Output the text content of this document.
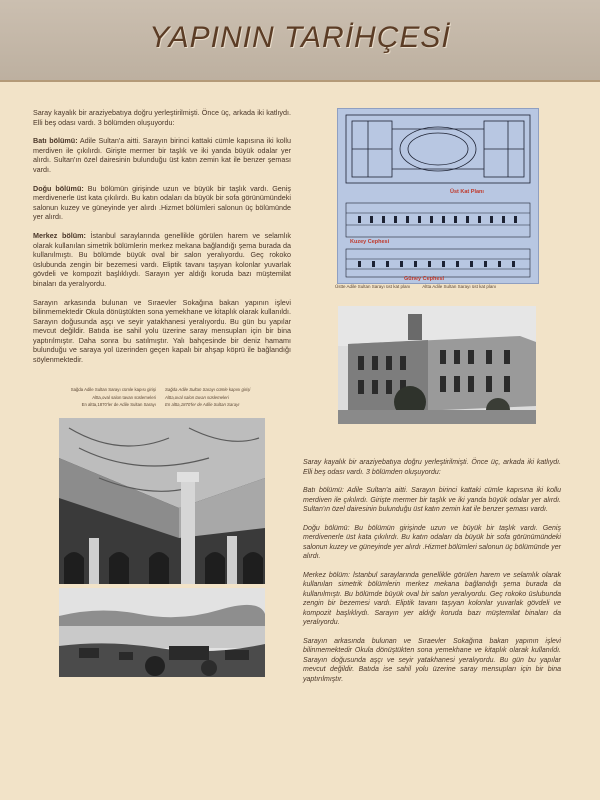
YAPININ TARİHÇESİ

Saray kayalık bir araziyebatıya doğru yerleştirilmişti. Önce üç, arkada iki katlıydı. Elli beş odası vardı. 3 bölümden oluşuyordu:

Batı bölümü: Adile Sultan'a aitti. Sarayın birinci kattaki cümle kapısına iki kollu merdiven ile çıkılırdı. Girişte mermer bir taşlık ve iki yanda büyük odalar yer alırdı. Sultan'ın özel dairesinin bulunduğu üst katın zemin kat ile benzer şeması vardı.

Doğu bölümü: Bu bölümün girişinde uzun ve büyük bir taşlık vardı. Geniş merdivenerle üst kata çıkılırdı. Bu katın odaları da büyük bir sofa görünümündeki salonun kuzey ve güneyinde yer alırdı .Hizmet bölümleri salonun üç bölümünde yer alırdı.

Merkez bölüm: İstanbul saraylarında genellikle görülen harem ve selamlık olarak kullanılan simetrik bölümlerin merkez mekana bağlandığı şema burada da kullanılmıştı. Bu bölümde büyük oval bir salon yeralıyordu. Geç rokoko üslubunda zengin bir bezemesi vardı. Eliptik tavanı taşıyan kolonlar yuvarlak gövdeli ve kompozit başlıklıydı. Sarayın yer aldığı koruda bazı müştemilat binaları da yeralıyordu.

Sarayın arkasında bulunan ve Sıraevler Sokağına bakan yapının işlevi bilinmemektedir Okula dönüştükten sona yemekhane ve kitaplık olarak kullanıldı. Sarayın doğusunda aşçı ve seyir yatakhanesi yeralıyordu. Bu gün bu yapılar mevcut değildir. Batıda ise sahil yolu üzerine saray mensupları için bir bina yaptırılmıştır. Daha sonra bu satılmıştır. Yalı bahçesinde bir deniz hamamı bulunduğu ve saraya yol üzerinden geçen kapalı bir ahşap köprü ile bağlandığı söylenmektedir.

Üst Kat Planı
Kuzey Cephesi
Güney Cephesi
Üstte Adile Sultan Sarayı üst kat planı	Altta Adile Sultan Sarayı üst kat planı
Sağda Adile Sultan Sarayı cümle kapısı girişi
Altta,oval salon tavan süslemeleri
En altta,1870'ler de Adile Sultan Sarayı
Sağda Adile Sultan Sarayı cümle kapısı girişi
Altta,oval salon tavan süslemeleri
En altta,1870'ler de Adile Sultan Sarayı

Saray kayalık bir araziyebatıya doğru yerleştirilmişti. Önce üç, arkada iki katlıydı. Elli beş odası vardı. 3 bölümden oluşuyordu:

Batı bölümü: Adile Sultan'a aitti. Sarayın birinci kattaki cümle kapısına iki kollu merdiven ile çıkılırdı. Girişte mermer bir taşlık ve iki yanda büyük odalar yer alırdı. Sultan'ın özel dairesinin bulunduğu üst katın zemin kat ile benzer şeması vardı.

Doğu bölümü: Bu bölümün girişinde uzun ve büyük bir taşlık vardı. Geniş merdivenerle üst kata çıkılırdı. Bu katın odaları da büyük bir sofa görünümündeki salonun kuzey ve güneyinde yer alırdı .Hizmet bölümleri salonun üç bölümünde yer alırdı.

Merkez bölüm: İstanbul saraylarında genellikle görülen harem ve selamlık olarak kullanılan simetrik bölümlerin merkez mekana bağlandığı şema burada da kullanılmıştı. Bu bölümde büyük oval bir salon yeralıyordu. Geç rokoko üslubunda zengin bir bezemesi vardı. Eliptik tavanı taşıyan kolonlar yuvarlak gövdeli ve kompozit başlıklıydı. Sarayın yer aldığı koruda bazı müştemilat binaları da yeralıyordu.

Sarayın arkasında bulunan ve Sıraevler Sokağına bakan yapının işlevi bilinmemektedir Okula dönüştükten sona yemekhane ve kitaplık olarak kullanıldı. Sarayın doğusunda aşçı ve seyir yatakhanesi yeralıyordu. Bu gün bu yapılar mevcut değildir. Batıda ise sahil yolu üzerine saray mensupları için bir bina yaptırılmıştır.
